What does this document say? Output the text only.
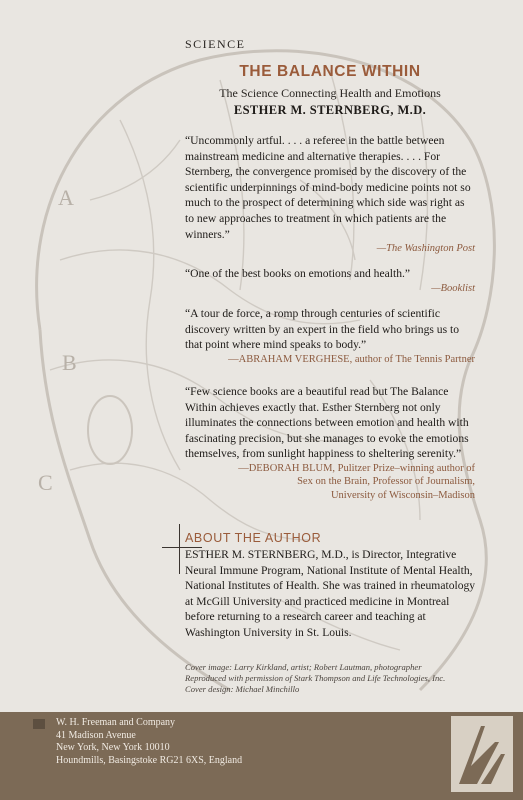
A
B
C
SCIENCE
THE BALANCE WITHIN
The Science Connecting Health and Emotions
ESTHER M. STERNBERG, M.D.
“Uncommonly artful. . . . a referee in the battle between mainstream medicine and alternative therapies. . . . For Sternberg, the convergence promised by the discovery of the scientific underpinnings of mind-body medicine points not so much to the prospect of determining which side was right as to new approaches to treatment in which patients are the winners.”
—The Washington Post
“One of the best books on emotions and health.”
—Booklist
“A tour de force, a romp through centuries of scientific discovery written by an expert in the field who brings us to that point where mind speaks to body.”
—ABRAHAM VERGHESE, author of The Tennis Partner
“Few science books are a beautiful read but The Balance Within achieves exactly that. Esther Sternberg not only illuminates the connections between emotion and health with fascinating precision, but she manages to evoke the emotions themselves, from sunlight happiness to sheltering serenity.”
—DEBORAH BLUM, Pulitzer Prize–winning author of
Sex on the Brain, Professor of Journalism,
University of Wisconsin–Madison
ABOUT THE AUTHOR
ESTHER M. STERNBERG, M.D., is Director, Integrative Neural Immune Program, National Institute of Mental Health, National Institutes of Health. She was trained in rheumatology at McGill University and practiced medicine in Montreal before returning to a research career and teaching at Washington University in St. Louis.
Cover image: Larry Kirkland, artist; Robert Lautman, photographer
Reproduced with permission of Stark Thompson and Life Technologies, Inc.
Cover design: Michael Minchillo
W. H. Freeman and Company
41 Madison Avenue
New York, New York 10010
Houndmills, Basingstoke RG21 6XS, England
